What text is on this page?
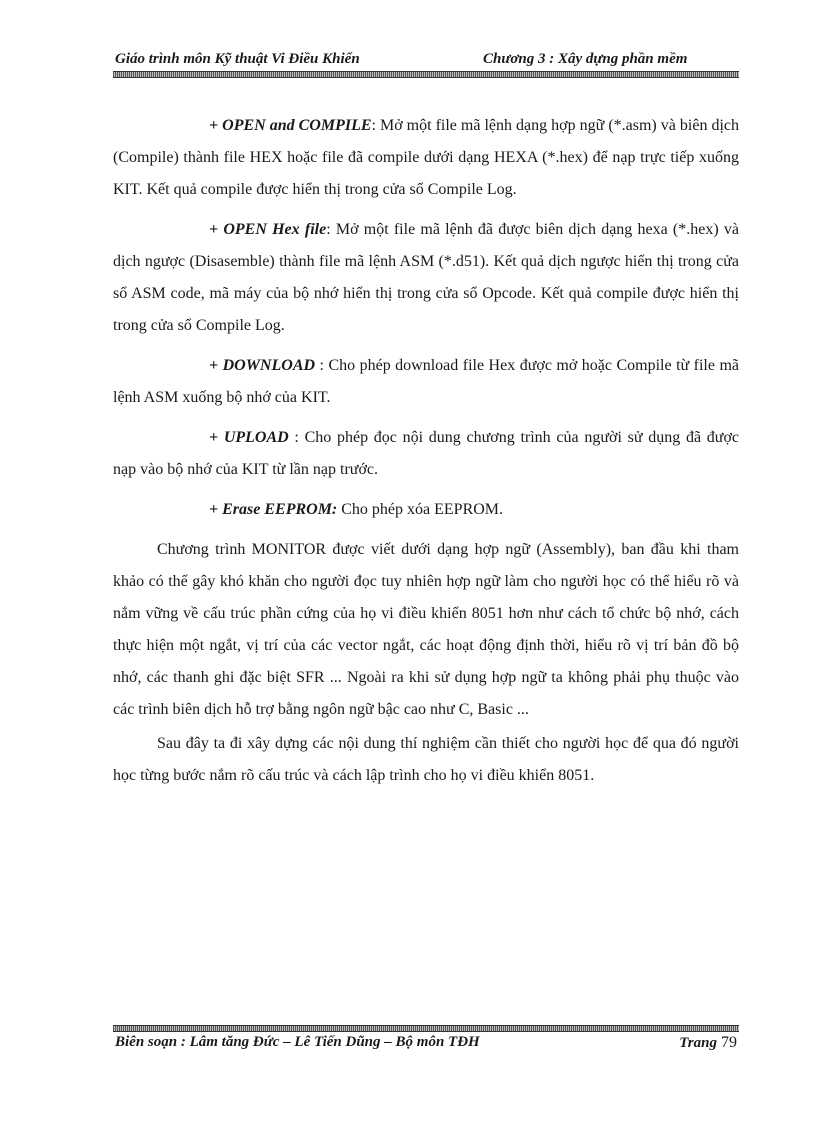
Giáo trình môn Kỹ thuật Vi Điều Khiển	Chương 3 : Xây dựng phần mềm

+ OPEN and COMPILE: Mở một file mã lệnh dạng hợp ngữ (*.asm) và biên dịch (Compile) thành file HEX hoặc file đã compile dưới dạng HEXA (*.hex) để nạp trực tiếp xuống KIT. Kết quả compile được hiển thị trong cửa sổ Compile Log.

+ OPEN Hex file: Mở một file mã lệnh đã được biên dịch dạng hexa (*.hex) và dịch ngược (Disasemble) thành file mã lệnh ASM (*.d51). Kết quả dịch ngược hiển thị trong cửa sổ ASM code, mã máy của bộ nhớ hiển thị trong cửa sổ Opcode. Kết quả compile được hiển thị trong cửa sổ Compile Log.

+ DOWNLOAD : Cho phép download file Hex được mở hoặc Compile từ file mã lệnh ASM xuống bộ nhớ của KIT.

+ UPLOAD : Cho phép đọc nội dung chương trình của người sử dụng đã được nạp vào bộ nhớ của KIT từ lần nạp trước.

+ Erase EEPROM: Cho phép xóa EEPROM.

Chương trình MONITOR được viết dưới dạng hợp ngữ (Assembly), ban đầu khi tham khảo có thể gây khó khăn cho người đọc tuy nhiên hợp ngữ làm cho người học có thể hiểu rõ và nắm vững về cấu trúc phần cứng của họ vi điều khiển 8051 hơn như cách tổ chức bộ nhớ, cách thực hiện một ngắt, vị trí của các vector ngắt, các hoạt động định thời, hiểu rõ vị trí bản đồ bộ nhớ, các thanh ghi đặc biệt SFR ... Ngoài ra khi sử dụng hợp ngữ ta không phải phụ thuộc vào các trình biên dịch hỗ trợ bằng ngôn ngữ bậc cao như C, Basic ...

Sau đây ta đi xây dựng các nội dung thí nghiệm cần thiết cho người học để qua đó người học từng bước nắm rõ cấu trúc và cách lập trình cho họ vi điều khiển 8051.

Biên soạn : Lâm tăng Đức – Lê Tiến Dũng – Bộ môn TĐH	Trang 79
